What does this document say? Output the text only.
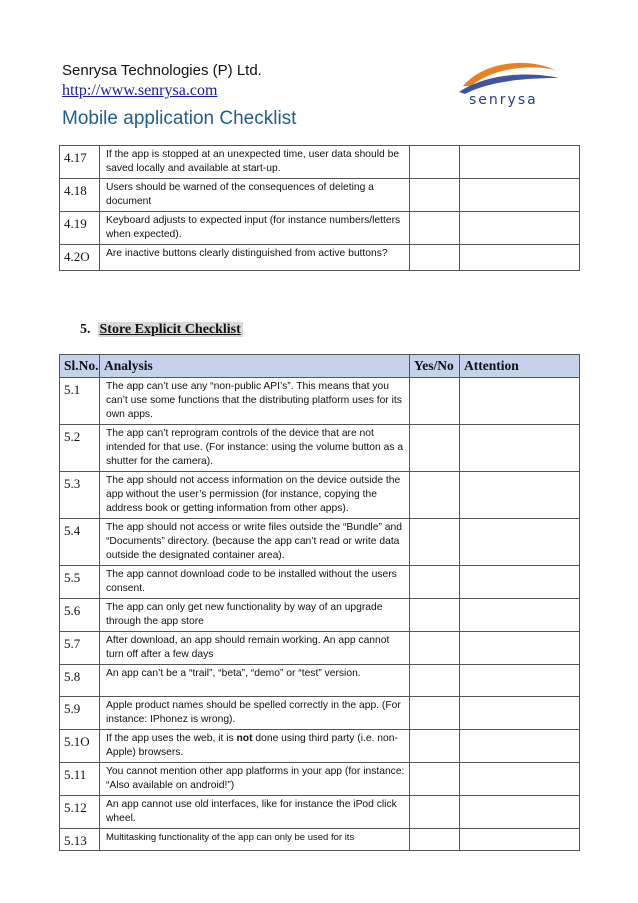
Senrysa Technologies (P) Ltd.
http://www.senrysa.com
senrysa
Mobile application Checklist
4.17	If the app is stopped at an unexpected time, user data should be saved locally and available at start-up.		
4.18	Users should be warned of the consequences of deleting a document		
4.19	Keyboard adjusts to expected input (for instance numbers/letters when expected).		
4.2O	Are inactive buttons clearly distinguished from active buttons?		
5. Store Explicit Checklist
Sl.No.	Analysis	Yes/No	Attention
5.1	The app can’t use any “non-public API’s”. This means that you can’t use some functions that the distributing platform uses for its own apps.		
5.2	The app can’t reprogram controls of the device that are not intended for that use. (For instance: using the volume button as a shutter for the camera).		
5.3	The app should not access information on the device outside the app without the user’s permission (for instance, copying the address book or getting information from other apps).		
5.4	The app should not access or write files outside the “Bundle” and “Documents” directory. (because the app can’t read or write data outside the designated container area).		
5.5	The app cannot download code to be installed without the users consent.		
5.6	The app can only get new functionality by way of an upgrade through the app store		
5.7	After download, an app should remain working. An app cannot turn off after a few days		
5.8	An app can’t be a “trail”, “beta”, “demo” or “test” version.		
5.9	Apple product names should be spelled correctly in the app. (For instance: IPhonez is wrong).		
5.1O	If the app uses the web, it is not done using third party (i.e. non-Apple) browsers.		
5.11	You cannot mention other app platforms in your app (for instance: “Also available on android!”)		
5.12	An app cannot use old interfaces, like for instance the iPod click wheel.		
5.13	Multitasking functionality of the app can only be used for its		
